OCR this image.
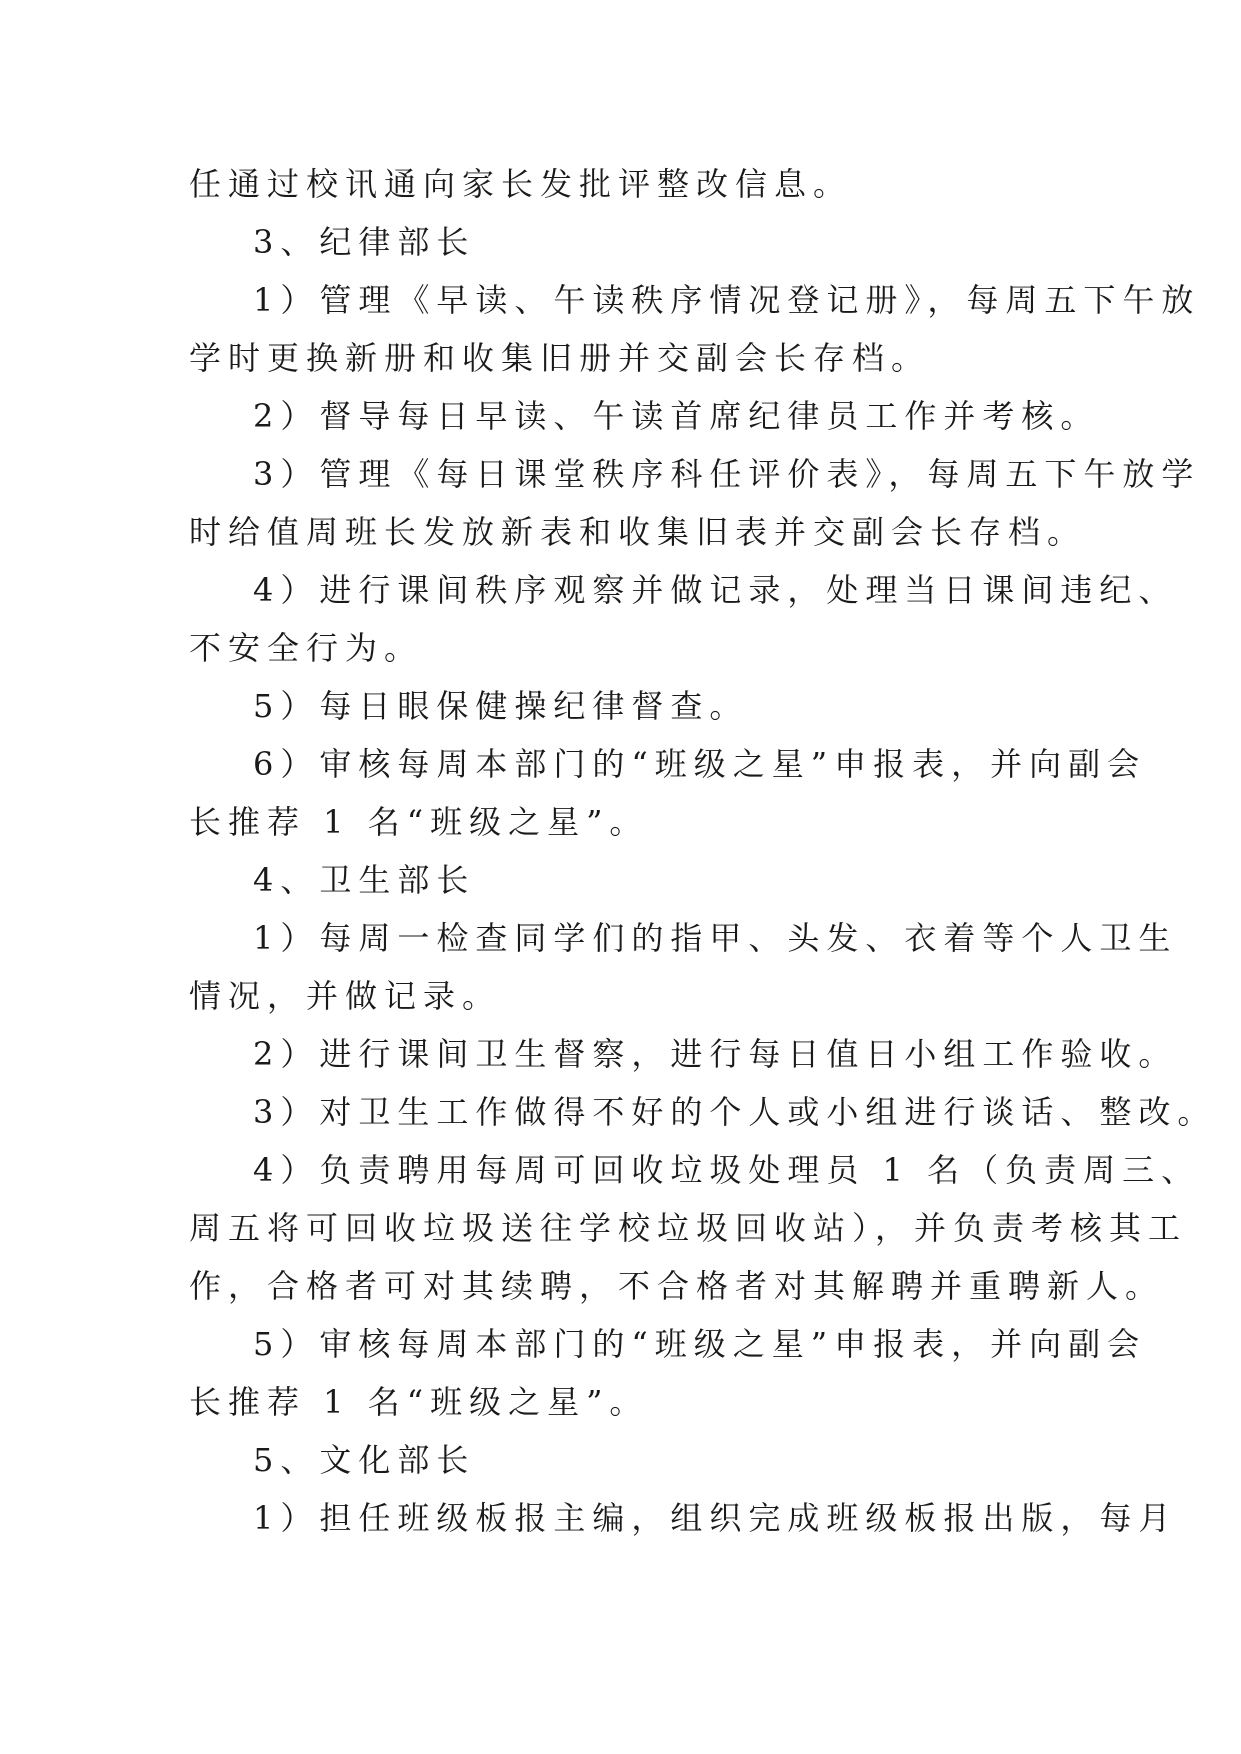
任通过校讯通向家长发批评整改信息。

3、纪律部长

1）管理《早读、午读秩序情况登记册》，每周五下午放

学时更换新册和收集旧册并交副会长存档。

2）督导每日早读、午读首席纪律员工作并考核。

3）管理《每日课堂秩序科任评价表》，每周五下午放学

时给值周班长发放新表和收集旧表并交副会长存档。

4）进行课间秩序观察并做记录，处理当日课间违纪、

不安全行为。

5）每日眼保健操纪律督查。

6）审核每周本部门的“班级之星”申报表，并向副会

长推荐 1 名“班级之星”。

4、卫生部长

1）每周一检查同学们的指甲、头发、衣着等个人卫生

情况，并做记录。

2）进行课间卫生督察，进行每日值日小组工作验收。

3）对卫生工作做得不好的个人或小组进行谈话、整改。

4）负责聘用每周可回收垃圾处理员 1 名（负责周三、

周五将可回收垃圾送往学校垃圾回收站），并负责考核其工

作，合格者可对其续聘，不合格者对其解聘并重聘新人。

5）审核每周本部门的“班级之星”申报表，并向副会

长推荐 1 名“班级之星”。

5、文化部长

1）担任班级板报主编，组织完成班级板报出版，每月
